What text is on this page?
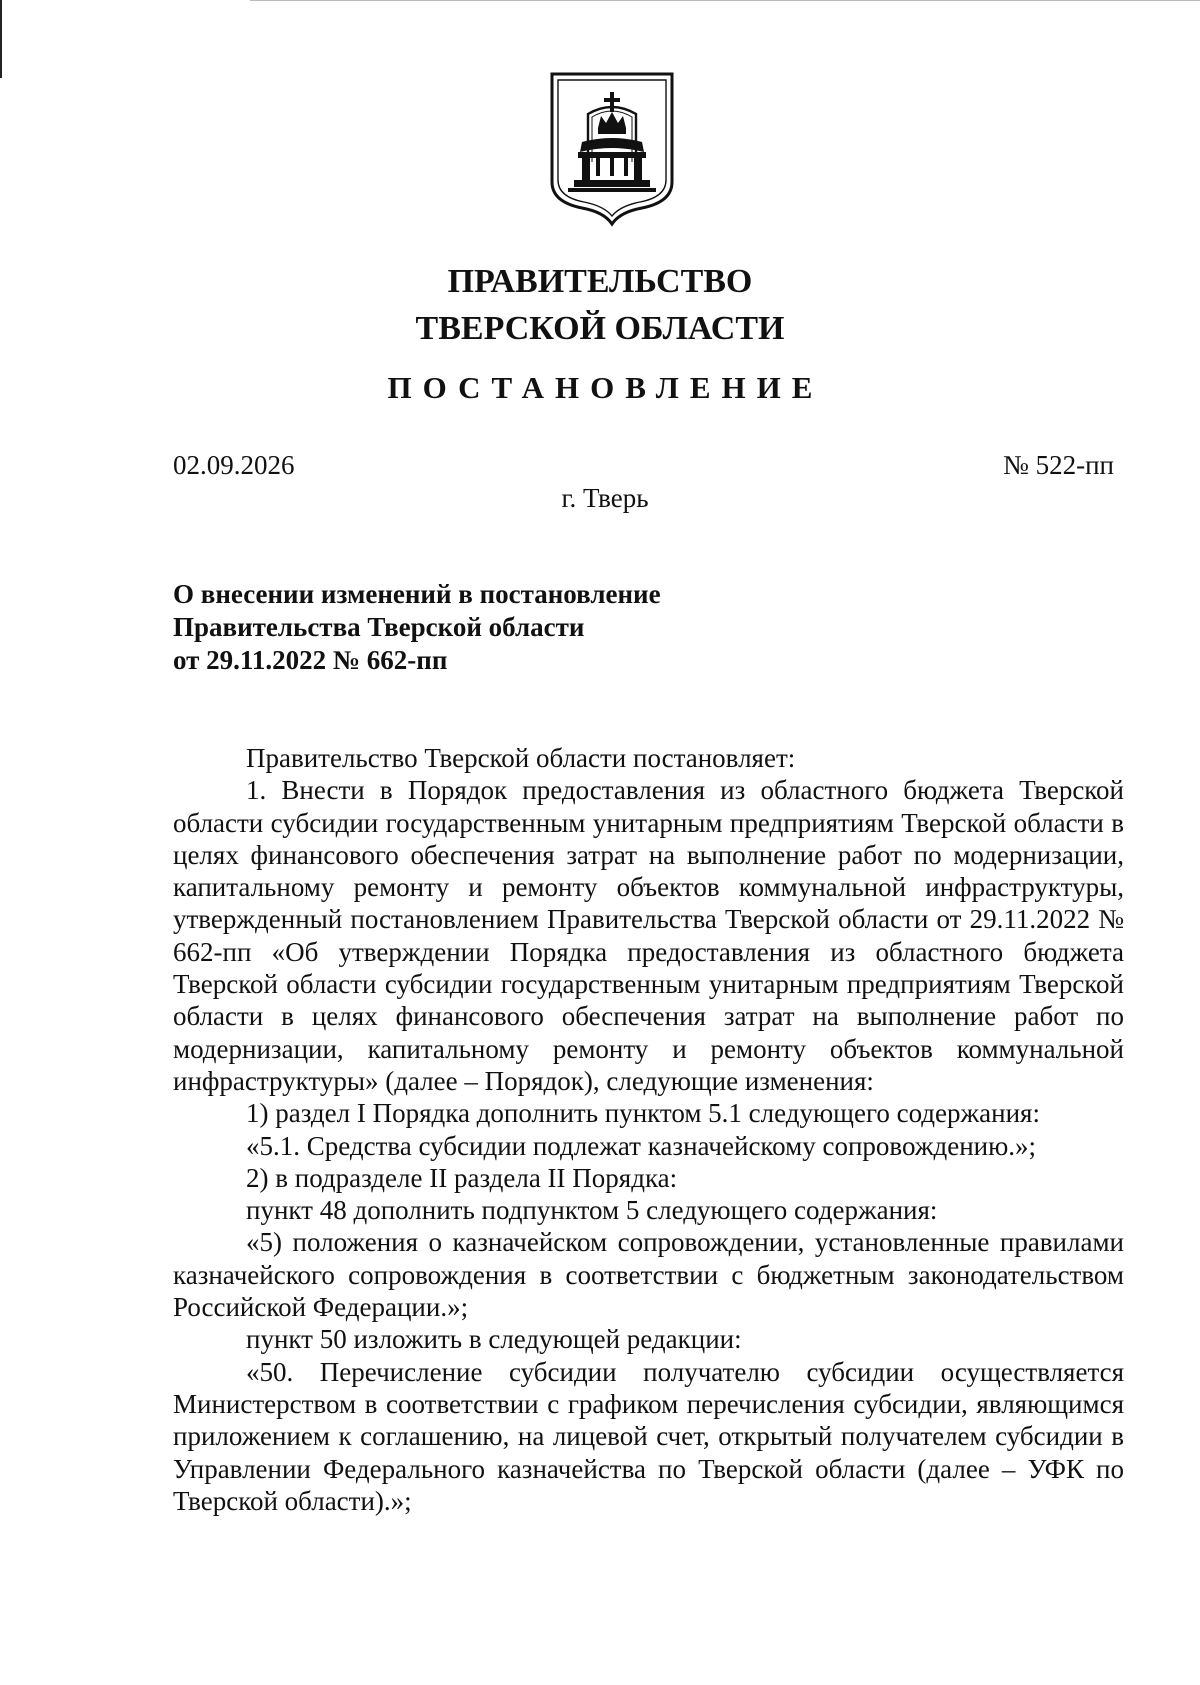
ПРАВИТЕЛЬСТВО
ТВЕРСКОЙ ОБЛАСТИ
ПОСТАНОВЛЕНИЕ
02.09.2026	№ 522-пп
г. Тверь
О внесении изменений в постановление
Правительства Тверской области
от 29.11.2022 № 662-пп

Правительство Тверской области постановляет:

1. Внести в Порядок предоставления из областного бюджета Тверской области субсидии государственным унитарным предприятиям Тверской области в целях финансового обеспечения затрат на выполнение работ по модернизации, капитальному ремонту и ремонту объектов коммунальной инфраструктуры, утвержденный постановлением Правительства Тверской области от 29.11.2022 № 662-пп «Об утверждении Порядка предоставления из областного бюджета Тверской области субсидии государственным унитарным предприятиям Тверской области в целях финансового обеспечения затрат на выполнение работ по модернизации, капитальному ремонту и ремонту объектов коммунальной инфраструктуры» (далее – Порядок), следующие изменения:

1) раздел I Порядка дополнить пунктом 5.1 следующего содержания:

«5.1. Средства субсидии подлежат казначейскому сопровождению.»;

2) в подразделе II раздела II Порядка:

пункт 48 дополнить подпунктом 5 следующего содержания:

«5) положения о казначейском сопровождении, установленные правилами казначейского сопровождения в соответствии с бюджетным законодательством Российской Федерации.»;

пункт 50 изложить в следующей редакции:

«50. Перечисление субсидии получателю субсидии осуществляется Министерством в соответствии с графиком перечисления субсидии, являющимся приложением к соглашению, на лицевой счет, открытый получателем субсидии в Управлении Федерального казначейства по Тверской области (далее – УФК по Тверской области).»;
